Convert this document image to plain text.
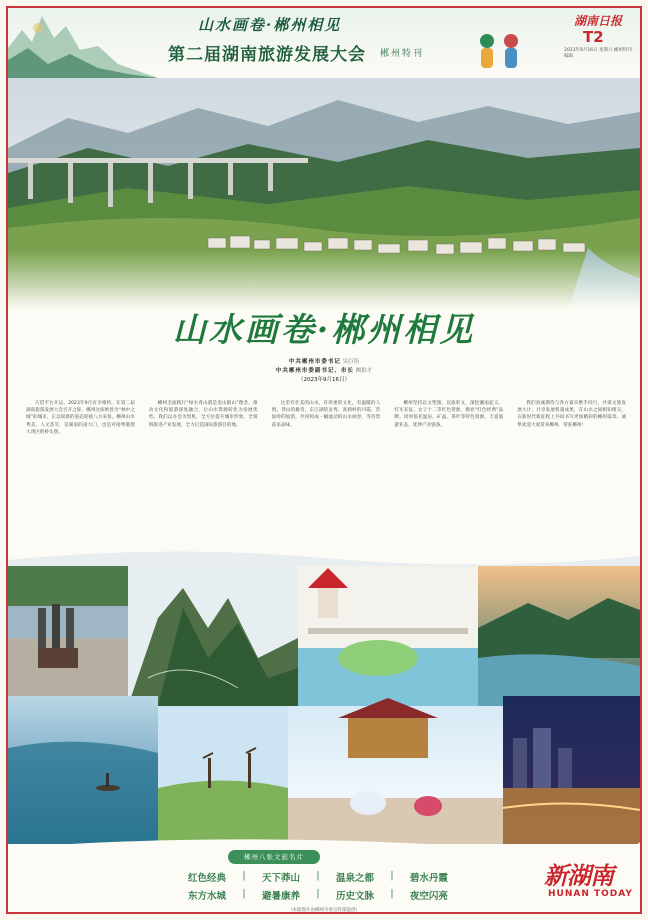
山水画卷·郴州相见
第二届湖南旅游发展大会 郴州特刊
湖南日报
T2
2023年9月16日 星期六 郴州特刊 · 编辑
山水画卷·郴州相见
中共郴州市委书记 吴巨培
中共郴州市委副书记、市长 阙伯才
（2023年9月16日）
巧借平台开运，2023年9月有幸相约。在第二届湖南旅游发展大会召开之际，郴州这座被誉为“林中之城”的城市，正以崭新的姿态迎接八方来客。郴州山水秀美，人文荟萃，是湖南的南大门，也是对接粤港澳大湾区的桥头堡。
郴州全面践行“绿水青山就是金山银山”理念，推动文化和旅游深度融合，让山水资源转化为发展优势。我们以办会为契机，全方位提升城市形象，全领域推进产业发展，全力打造国际旅游目的地。
这里有壮美的山水，有厚重的文化，有温暖的人情。莽山的雄奇、东江湖的灵秀、高椅岭的丹霞、苏仙岭的仙韵，共同构成一幅流动的山水画卷，等待您前来品味。
郴州坚持以文塑旅、以旅彰文，深挖湘南起义、红军长征、女子十二等红色资源，擦亮“红色经典”品牌。同时依托温泉、矿晶、茶叶等特色资源，丰富旅游业态，延伸产业链条。
我们真诚期待与各方嘉宾携手同行，共谋文旅发展大计，共享发展机遇成果，在山水之间相知相交，在新时代新征程上共同书写更加精彩的郴州篇章。诚挚欢迎大家常来郴州、常驻郴州！
郴州八张文旅名片
红色经典 | 天下莽山 | 温泉之都 | 碧水丹霞
东方水城 | 避暑康养 | 历史文脉 | 夜空闪亮
（本版图片由郴州市委宣传部提供）
新湖南
HUNAN TODAY
